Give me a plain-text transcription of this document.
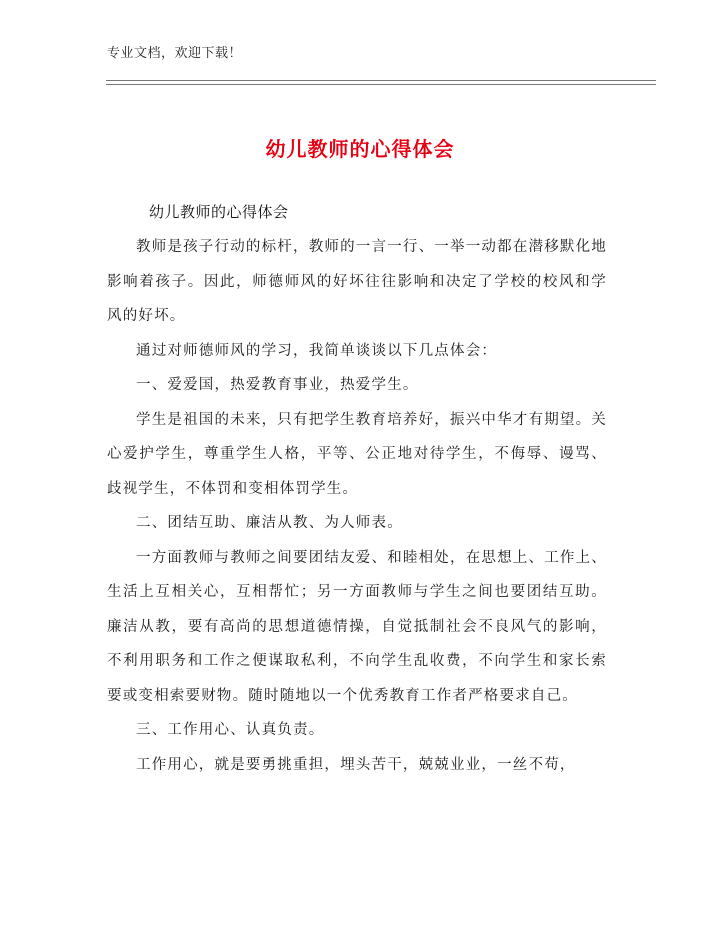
专业文档，欢迎下载！
幼儿教师的心得体会
幼儿教师的心得体会

教师是孩子行动的标杆，教师的一言一行、一举一动都在潜移默化地影响着孩子。因此，师德师风的好坏往往影响和决定了学校的校风和学风的好坏。

通过对师德师风的学习，我简单谈谈以下几点体会：

一、爱爱国，热爱教育事业，热爱学生。

学生是祖国的未来，只有把学生教育培养好，振兴中华才有期望。关心爱护学生，尊重学生人格，平等、公正地对待学生，不侮辱、谩骂、歧视学生，不体罚和变相体罚学生。

二、团结互助、廉洁从教、为人师表。

一方面教师与教师之间要团结友爱、和睦相处，在思想上、工作上、生活上互相关心，互相帮忙；另一方面教师与学生之间也要团结互助。廉洁从教，要有高尚的思想道德情操，自觉抵制社会不良风气的影响，不利用职务和工作之便谋取私利，不向学生乱收费，不向学生和家长索要或变相索要财物。随时随地以一个优秀教育工作者严格要求自己。

三、工作用心、认真负责。

工作用心，就是要勇挑重担，埋头苦干，兢兢业业，一丝不苟，
